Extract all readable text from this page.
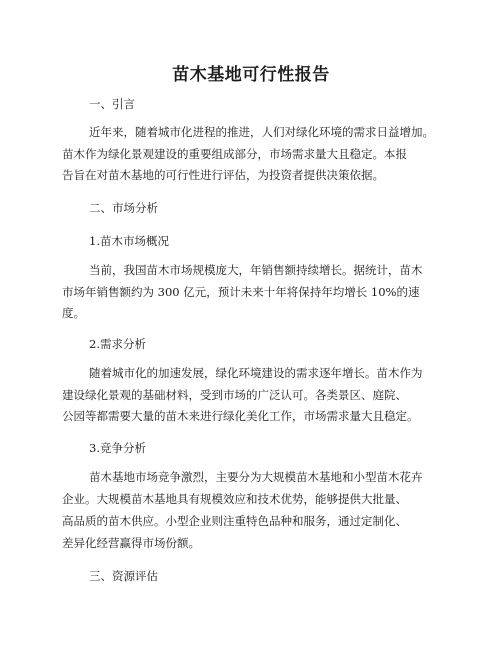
苗木基地可行性报告
一、引言
近年来，随着城市化进程的推进，人们对绿化环境的需求日益增加。
苗木作为绿化景观建设的重要组成部分，市场需求量大且稳定。本报
告旨在对苗木基地的可行性进行评估，为投资者提供决策依据。
二、市场分析
1.苗木市场概况
当前，我国苗木市场规模庞大，年销售额持续增长。据统计，苗木
市场年销售额约为 300 亿元，预计未来十年将保持年均增长 10%的速
度。
2.需求分析
随着城市化的加速发展，绿化环境建设的需求逐年增长。苗木作为
建设绿化景观的基础材料，受到市场的广泛认可。各类景区、庭院、
公园等都需要大量的苗木来进行绿化美化工作，市场需求量大且稳定。
3.竞争分析
苗木基地市场竞争激烈，主要分为大规模苗木基地和小型苗木花卉
企业。大规模苗木基地具有规模效应和技术优势，能够提供大批量、
高品质的苗木供应。小型企业则注重特色品种和服务，通过定制化、
差异化经营赢得市场份额。
三、资源评估
